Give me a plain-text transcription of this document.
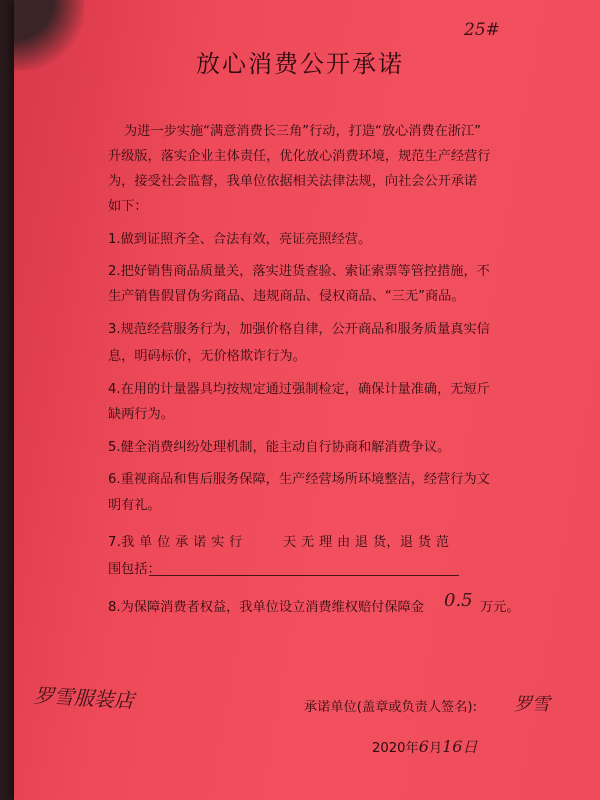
25#
放心消费公开承诺
为进一步实施“满意消费长三角”行动，打造“放心消费在浙江”
升级版，落实企业主体责任，优化放心消费环境，规范生产经营行
为，接受社会监督，我单位依据相关法律法规，向社会公开承诺
如下：
1.做到证照齐全、合法有效，亮证亮照经营。
2.把好销售商品质量关，落实进货查验、索证索票等管控措施，不
生产销售假冒伪劣商品、违规商品、侵权商品、“三无”商品。
3.规范经营服务行为，加强价格自律，公开商品和服务质量真实信
息，明码标价，无价格欺诈行为。
4.在用的计量器具均按规定通过强制检定，确保计量准确，无短斤
缺两行为。
5.健全消费纠纷处理机制，能主动自行协商和解消费争议。
6.重视商品和售后服务保障，生产经营场所环境整洁，经营行为文
明有礼。
7.我 单 位 承 诺 实 行　　　天 无 理 由 退 货，退 货 范
围包括：
8.为保障消费者权益，我单位设立消费维权赔付保障金 0.5 万元。
罗雪服装店	承诺单位(盖章或负责人签名): 罗雪
2020年6月16日
